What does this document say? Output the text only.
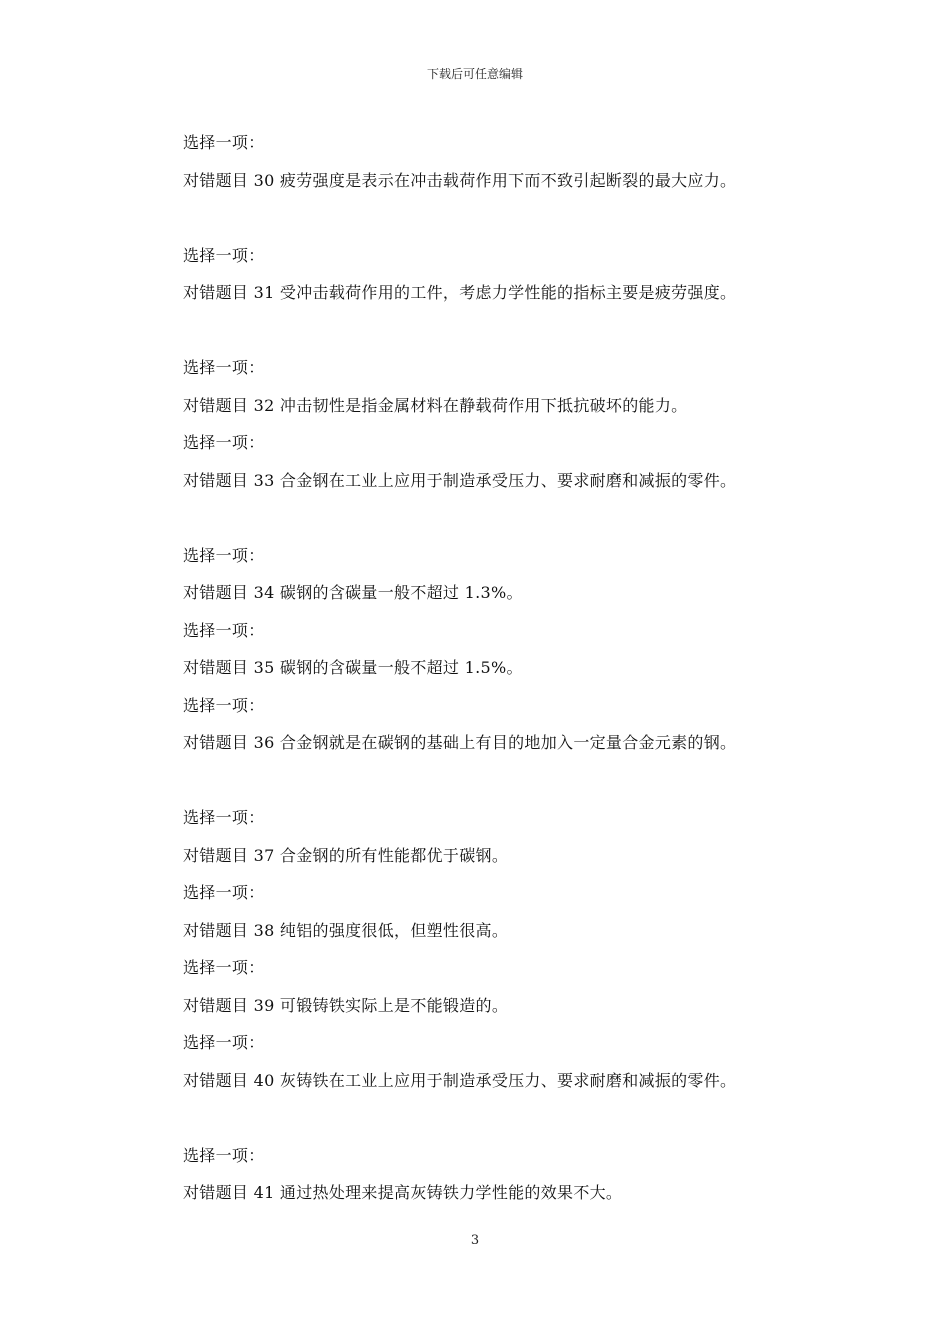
下载后可任意编辑
选择一项：
对错题目 30 疲劳强度是表示在冲击载荷作用下而不致引起断裂的最大应力。
选择一项：
对错题目 31 受冲击载荷作用的工件，考虑力学性能的指标主要是疲劳强度。
选择一项：
对错题目 32 冲击韧性是指金属材料在静载荷作用下抵抗破坏的能力。
选择一项：
对错题目 33 合金钢在工业上应用于制造承受压力、要求耐磨和减振的零件。
选择一项：
对错题目 34 碳钢的含碳量一般不超过 1.3%。
选择一项：
对错题目 35 碳钢的含碳量一般不超过 1.5%。
选择一项：
对错题目 36 合金钢就是在碳钢的基础上有目的地加入一定量合金元素的钢。
选择一项：
对错题目 37 合金钢的所有性能都优于碳钢。
选择一项：
对错题目 38 纯铝的强度很低，但塑性很高。
选择一项：
对错题目 39 可锻铸铁实际上是不能锻造的。
选择一项：
对错题目 40 灰铸铁在工业上应用于制造承受压力、要求耐磨和减振的零件。
选择一项：
对错题目 41 通过热处理来提高灰铸铁力学性能的效果不大。
3
